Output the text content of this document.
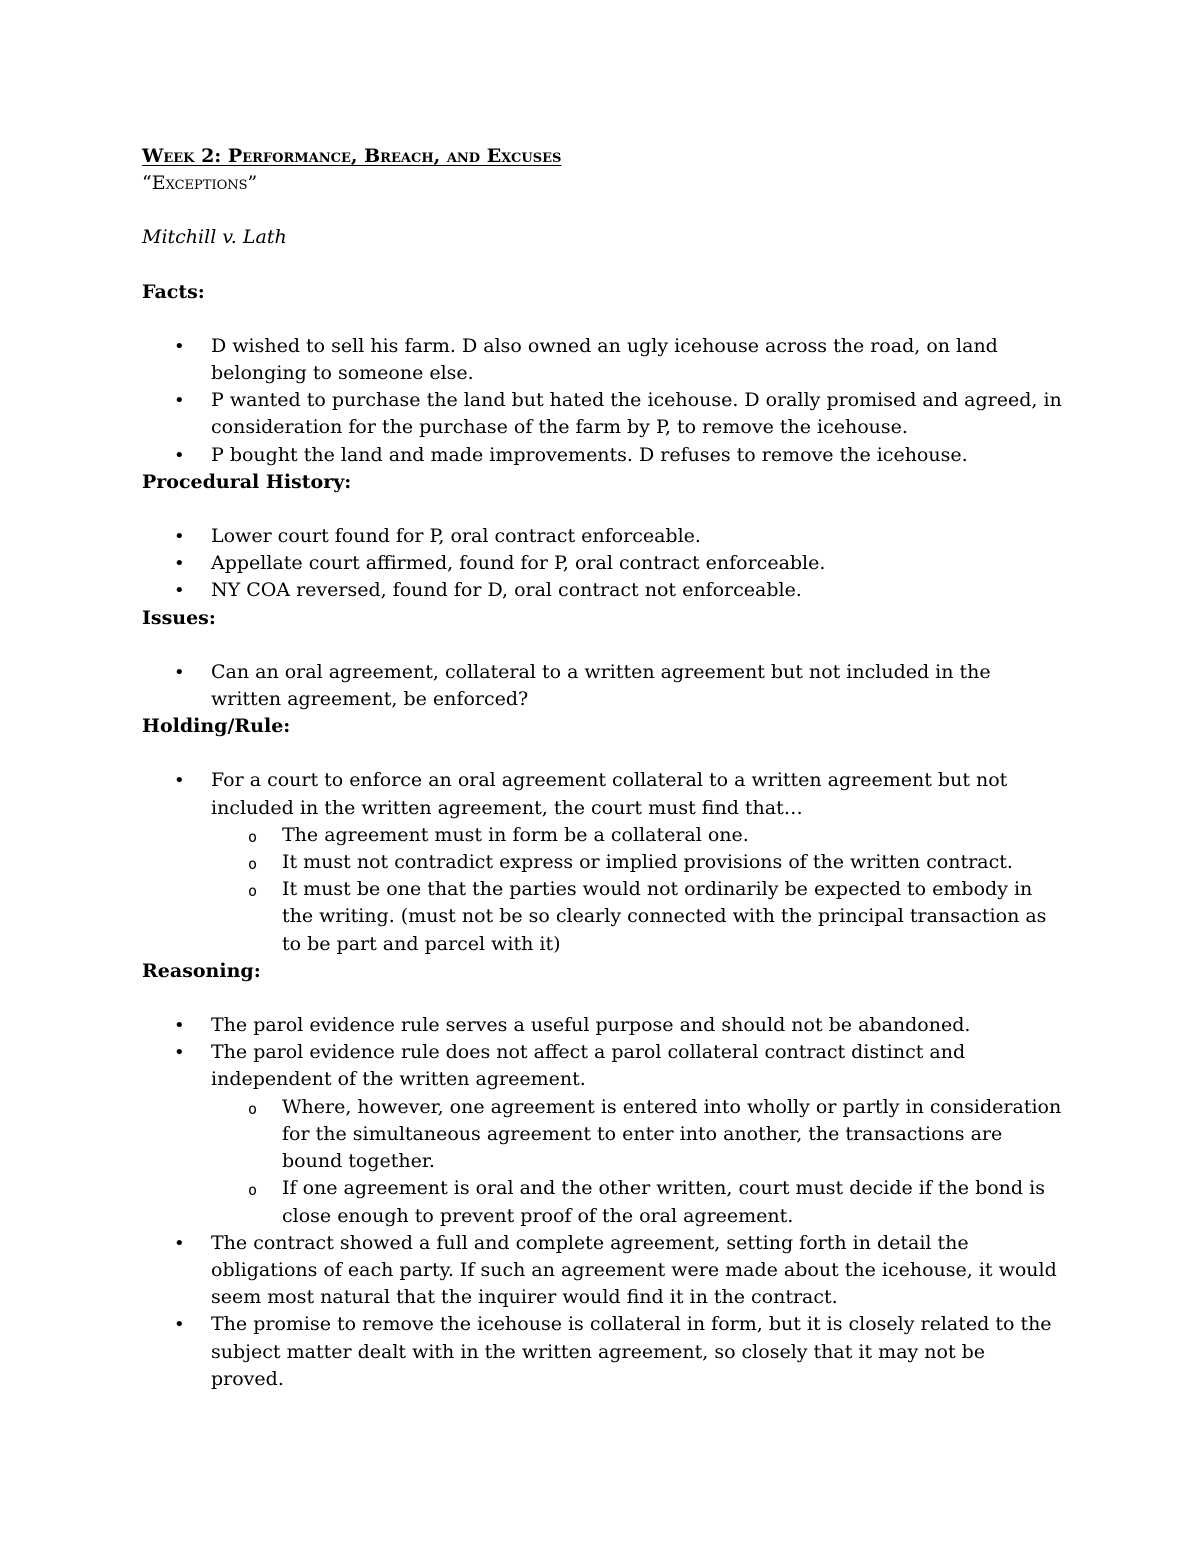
Week 2: Performance, Breach, and Excuses

“Exceptions”

Mitchill v. Lath

Facts:

• D wished to sell his farm. D also owned an ugly icehouse across the road, on land belonging to someone else.
• P wanted to purchase the land but hated the icehouse. D orally promised and agreed, in consideration for the purchase of the farm by P, to remove the icehouse.
• P bought the land and made improvements. D refuses to remove the icehouse.

Procedural History:

• Lower court found for P, oral contract enforceable.
• Appellate court affirmed, found for P, oral contract enforceable.
• NY COA reversed, found for D, oral contract not enforceable.

Issues:

• Can an oral agreement, collateral to a written agreement but not included in the written agreement, be enforced?

Holding/Rule:

• For a court to enforce an oral agreement collateral to a written agreement but not included in the written agreement, the court must find that…
o The agreement must in form be a collateral one.
o It must not contradict express or implied provisions of the written contract.
o It must be one that the parties would not ordinarily be expected to embody in the writing. (must not be so clearly connected with the principal transaction as to be part and parcel with it)

Reasoning:

• The parol evidence rule serves a useful purpose and should not be abandoned.
• The parol evidence rule does not affect a parol collateral contract distinct and independent of the written agreement.
o Where, however, one agreement is entered into wholly or partly in consideration for the simultaneous agreement to enter into another, the transactions are bound together.
o If one agreement is oral and the other written, court must decide if the bond is close enough to prevent proof of the oral agreement.
• The contract showed a full and complete agreement, setting forth in detail the obligations of each party. If such an agreement were made about the icehouse, it would seem most natural that the inquirer would find it in the contract.
• The promise to remove the icehouse is collateral in form, but it is closely related to the subject matter dealt with in the written agreement, so closely that it may not be proved.
